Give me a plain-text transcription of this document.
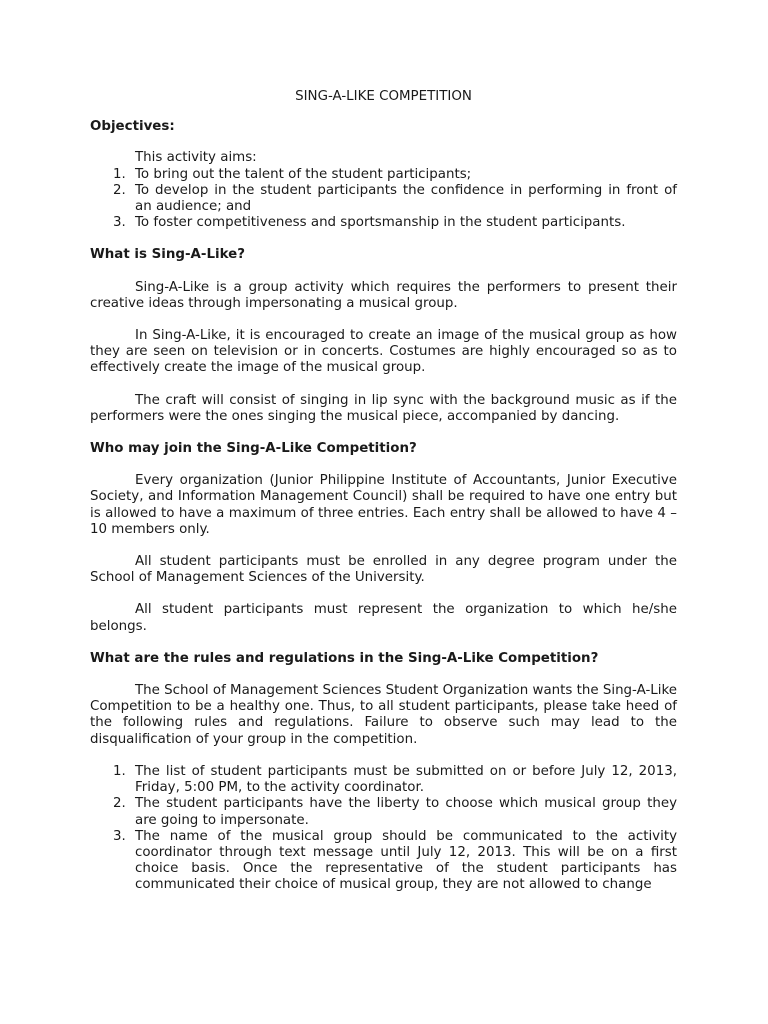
SING-A-LIKE COMPETITION
Objectives:
This activity aims:
1. To bring out the talent of the student participants;
2. To develop in the student participants the confidence in performing in front of an audience; and
3. To foster competitiveness and sportsmanship in the student participants.
What is Sing-A-Like?

Sing-A-Like is a group activity which requires the performers to present their creative ideas through impersonating a musical group.

In Sing-A-Like, it is encouraged to create an image of the musical group as how they are seen on television or in concerts. Costumes are highly encouraged so as to effectively create the image of the musical group.

The craft will consist of singing in lip sync with the background music as if the performers were the ones singing the musical piece, accompanied by dancing.

Who may join the Sing-A-Like Competition?

Every organization (Junior Philippine Institute of Accountants, Junior Executive Society, and Information Management Council) shall be required to have one entry but is allowed to have a maximum of three entries. Each entry shall be allowed to have 4 – 10 members only.

All student participants must be enrolled in any degree program under the School of Management Sciences of the University.

All student participants must represent the organization to which he/she belongs.

What are the rules and regulations in the Sing-A-Like Competition?

The School of Management Sciences Student Organization wants the Sing-A-Like Competition to be a healthy one. Thus, to all student participants, please take heed of the following rules and regulations. Failure to observe such may lead to the disqualification of your group in the competition.

1. The list of student participants must be submitted on or before July 12, 2013, Friday, 5:00 PM, to the activity coordinator.
2. The student participants have the liberty to choose which musical group they are going to impersonate.
3. The name of the musical group should be communicated to the activity coordinator through text message until July 12, 2013. This will be on a first choice basis. Once the representative of the student participants has communicated their choice of musical group, they are not allowed to change
